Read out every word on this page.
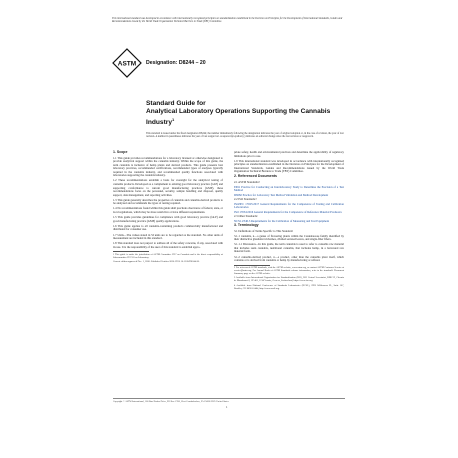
This international standard was developed in accordance with internationally recognized principles on standardization established in the Decision on Principles for the Development of International Standards, Guides and Recommendations issued by the World Trade Organization Technical Barriers to Trade (TBT) Committee.
ASTM Designation: D8244 – 20
Standard Guide for
Analytical Laboratory Operations Supporting the Cannabis Industry$^1$
This standard is issued under the fixed designation D8244; the number immediately following the designation indicates the year of original adoption or, in the case of revision, the year of last revision. A number in parentheses indicates the year of last reapproval. A superscript epsilon (ε) indicates an editorial change since the last revision or reapproval.
1. Scope

1.1 This guide provides recommendations for a laboratory licensed or otherwise designated to provide analytical support within the cannabis industry. Within the scope of this guide, the term cannabis is inclusive of hemp plants and derived products. This guide presents best laboratory practices, recommended certifications, recommended types of analyses typically required in the cannabis industry, and recommended quality functions associated with laboratories supporting the cannabis industry.

1.2 These recommendations establish a basis for oversight for the analytical testing of cannabis products. Developed as a complement to existing good laboratory practice (GLP) and supporting conformance to current good manufacturing practices (GMP), these recommendations focus on the personnel, security, sample handling and disposal, quality support, data management, and reporting activities.

1.3 This guide generally describes the properties of cannabis and cannabis-derived products to be analyzed and recommends the types of testing required.

1.4 No recommendations found within this guide shall preclude observance of federal, state, or local regulations, which may be more restrictive or have different requirements.

1.5 This guide provides guidelines for compliance with good laboratory practice (GLP) and good manufacturing practice (GMP) quality applications.

1.6 This guide applies to all cannabis-containing products commercially manufactured and distributed for consumer use.

1.7 Units—The values stated in SI units are to be regarded as the standard. No other units of measurement are included in this standard.

1.8 This standard does not purport to address all of the safety concerns, if any, associated with its use. It is the responsibility of the user of this standard to establish appro-

1 This guide is under the jurisdiction of ASTM Committee D37 on Cannabis and is the direct responsibility of Subcommittee D37.03 on Laboratory.

Current edition approved Dec. 1, 2020. Published October 2020. DOI: 10.1520/D8244-20.

priate safety, health and environmental practices and determine the applicability of regulatory limitations prior to use.

1.9 This international standard was developed in accordance with internationally recognized principles on standardization established in the Decision on Principles for the Development of International Standards, Guides and Recommendations issued by the World Trade Organization Technical Barriers to Trade (TBT) Committee.

2. Referenced Documents

2.1 ASTM Standards:²

E691 Practice for Conducting an Interlaboratory Study to Determine the Precision of a Test Method

D8282 Practice for Laboratory Test Method Validation and Method Development

2.2 ISO Standards:³

ISO/IEC 17025:2017 General Requirements for the Competence of Testing and Calibration Laboratories

ISO 17034:2016 General Requirements for the Competence of Reference Material Producers

2.3 Other Standards:

NCSL Z540.3 Requirements for the Calibration of Measuring and Test Equipment

3. Terminology

3.1 Definitions of Terms Specific to This Standard:

3.1.1 cannabis, n—a genus of flowering plants within the Cannabaceae family identified by their distinctive glandular trichomes, divided serrated leaves, and single-fiber fibers.

3.1.1.1 Discussion—In this guide, the term cannabis is used to refer to cannabis raw material that includes resin cannabis, nutritional cannabis, that includes hemp, in a harvested raw material form.

3.1.2 cannabis-derived product, n—a product, other than the cannabis plant itself, which contains or is derived from cannabis or hemp by manufacturing or refined.

2 For referenced ASTM standards, visit the ASTM website, www.astm.org, or contact ASTM Customer Service at service@astm.org. For Annual Book of ASTM Standards volume information, refer to the standard's Document Summary page on the ASTM website.

3 Available from International Organization for Standardization (ISO), ISO Central Secretariat, BIBC II, Chemin de Blandonnet 8, CP 401, 1214 Vernier, Geneva, Switzerland, https://www.iso.org.

4 Available from National Conference of Standards Laboratories (NCSL), 2995 Wilderness Pl., Suite 107, Boulder, CO 80301-5404, http://www.ncsli.org.

Copyright © ASTM International, 100 Barr Harbor Drive, PO Box C700, West Conshohocken, PA 19428-2959. United States
1
